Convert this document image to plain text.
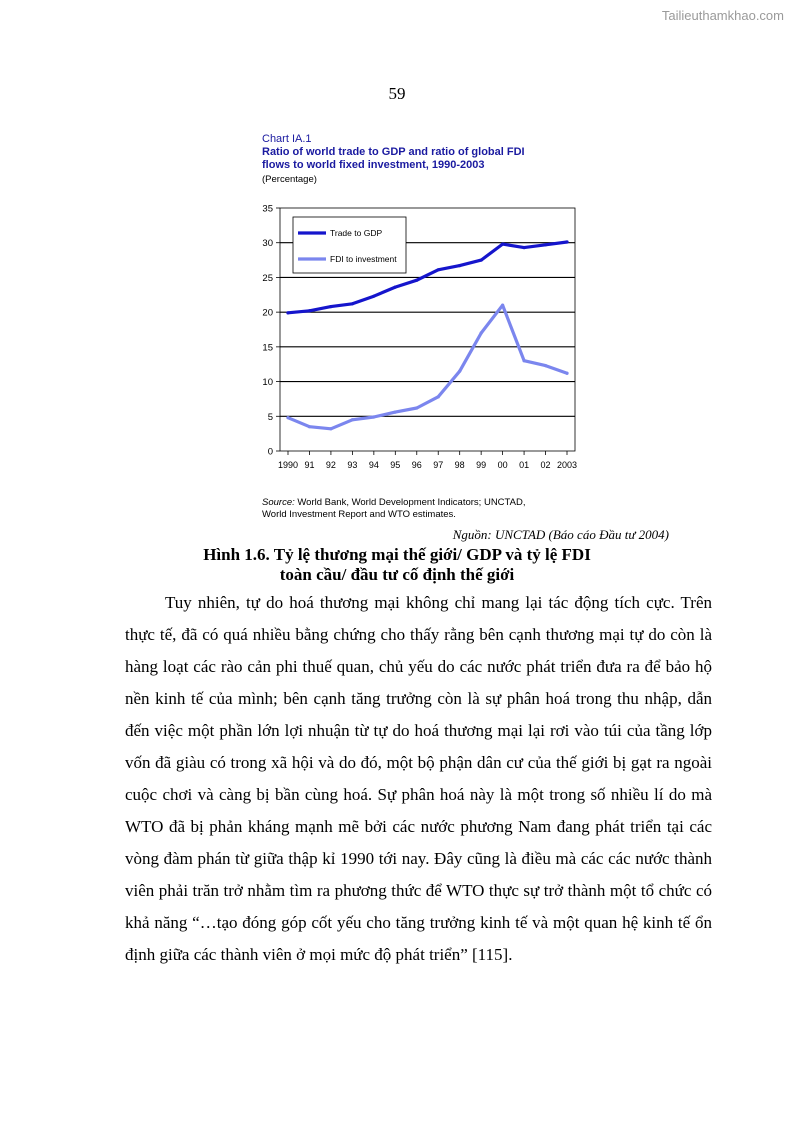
Tailieuthamkhao.com
59
Chart IA.1
Ratio of world trade to GDP and ratio of global FDI
flows to world fixed investment, 1990-2003
(Percentage)
0
5
10
15
20
25
30
35
1990 91 92 93 94 95 96 97 98 99 00 01 02 2003
Trade to GDP
FDI to investment
Source: World Bank, World Development Indicators; UNCTAD,
World Investment Report and WTO estimates.
Nguồn: UNCTAD (Báo cáo Đầu tư 2004)
Hình 1.6. Tỷ lệ thương mại thế giới/ GDP và tỷ lệ FDI
toàn cầu/ đầu tư cố định thế giới

Tuy nhiên, tự do hoá thương mại không chỉ mang lại tác động tích cực. Trên thực tế, đã có quá nhiều bằng chứng cho thấy rằng bên cạnh thương mại tự do còn là hàng loạt các rào cản phi thuế quan, chủ yếu do các nước phát triển đưa ra để bảo hộ nền kinh tế của mình; bên cạnh tăng trưởng còn là sự phân hoá trong thu nhập, dẫn đến việc một phần lớn lợi nhuận từ tự do hoá thương mại lại rơi vào túi của tầng lớp vốn đã giàu có trong xã hội và do đó, một bộ phận dân cư của thế giới bị gạt ra ngoài cuộc chơi và càng bị bần cùng hoá. Sự phân hoá này là một trong số nhiều lí do mà WTO đã bị phản kháng mạnh mẽ bởi các nước phương Nam đang phát triển tại các vòng đàm phán từ giữa thập kỉ 1990 tới nay. Đây cũng là điều mà các các nước thành viên phải trăn trở nhằm tìm ra phương thức để WTO thực sự trở thành một tổ chức có khả năng “…tạo đóng góp cốt yếu cho tăng trưởng kinh tế và một quan hệ kinh tế ổn định giữa các thành viên ở mọi mức độ phát triển” [115].
